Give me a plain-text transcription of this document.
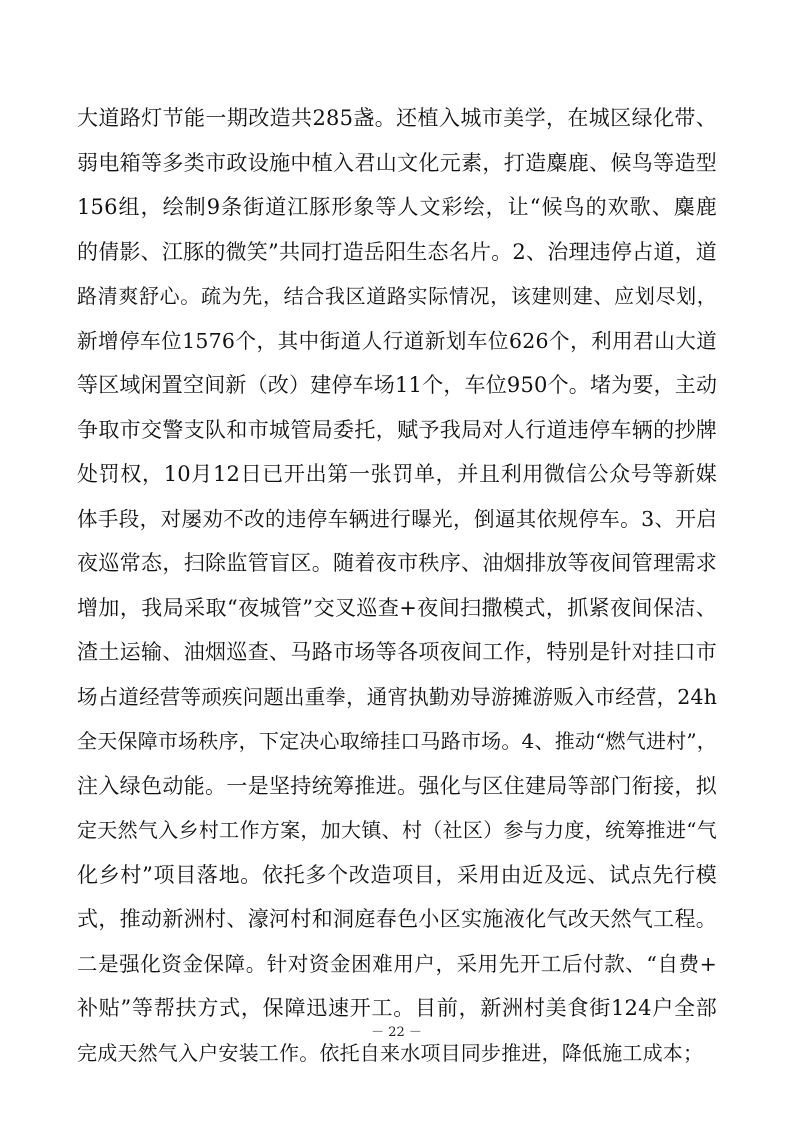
大道路灯节能一期改造共285盏。还植入城市美学，在城区绿化带、
弱电箱等多类市政设施中植入君山文化元素，打造麋鹿、候鸟等造型
156组，绘制9条街道江豚形象等人文彩绘，让“候鸟的欢歌、麋鹿
的倩影、江豚的微笑”共同打造岳阳生态名片。2、治理违停占道，道
路清爽舒心。疏为先，结合我区道路实际情况，该建则建、应划尽划，
新增停车位1576个，其中街道人行道新划车位626个，利用君山大道
等区域闲置空间新（改）建停车场11个，车位950个。堵为要，主动
争取市交警支队和市城管局委托，赋予我局对人行道违停车辆的抄牌
处罚权，10月12日已开出第一张罚单，并且利用微信公众号等新媒
体手段，对屡劝不改的违停车辆进行曝光，倒逼其依规停车。3、开启
夜巡常态，扫除监管盲区。随着夜市秩序、油烟排放等夜间管理需求
增加，我局采取“夜城管”交叉巡查+夜间扫撒模式，抓紧夜间保洁、
渣土运输、油烟巡查、马路市场等各项夜间工作，特别是针对挂口市
场占道经营等顽疾问题出重拳，通宵执勤劝导游摊游贩入市经营，24h
全天保障市场秩序，下定决心取缔挂口马路市场。4、推动“燃气进村”，
注入绿色动能。一是坚持统筹推进。强化与区住建局等部门衔接，拟
定天然气入乡村工作方案，加大镇、村（社区）参与力度，统筹推进“气
化乡村”项目落地。依托多个改造项目，采用由近及远、试点先行模
式，推动新洲村、濠河村和洞庭春色小区实施液化气改天然气工程。
二是强化资金保障。针对资金困难用户，采用先开工后付款、“自费+
补贴”等帮扶方式，保障迅速开工。目前，新洲村美食街124户全部
完成天然气入户安装工作。依托自来水项目同步推进，降低施工成本；
－ 22 －
